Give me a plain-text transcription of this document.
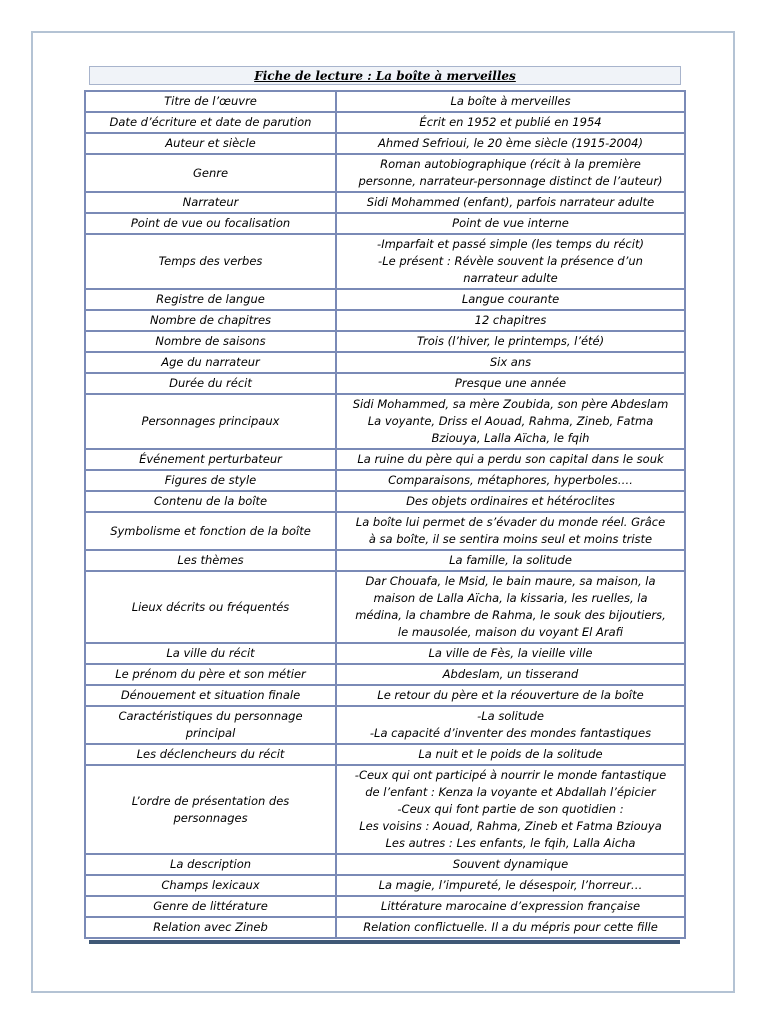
Fiche de lecture : La boîte à merveilles
Titre de l’œuvre	La boîte à merveilles
Date d’écriture et date de parution	Écrit en 1952 et publié en 1954
Auteur et siècle	Ahmed Sefrioui, le 20 ème siècle (1915-2004)
Genre	Roman autobiographique (récit à la première
personne, narrateur-personnage distinct de l’auteur)
Narrateur	Sidi Mohammed (enfant), parfois narrateur adulte
Point de vue ou focalisation	Point de vue interne
Temps des verbes	-Imparfait et passé simple (les temps du récit)
-Le présent : Révèle souvent la présence d’un
narrateur adulte
Registre de langue	Langue courante
Nombre de chapitres	12 chapitres
Nombre de saisons	Trois (l’hiver, le printemps, l’été)
Age du narrateur	Six ans
Durée du récit	Presque une année
Personnages principaux	Sidi Mohammed, sa mère Zoubida, son père Abdeslam
La voyante, Driss el Aouad, Rahma, Zineb, Fatma
Bziouya, Lalla Aïcha, le fqih
Événement perturbateur	La ruine du père qui a perdu son capital dans le souk
Figures de style	Comparaisons, métaphores, hyperboles….
Contenu de la boîte	Des objets ordinaires et hétéroclites
Symbolisme et fonction de la boîte	La boîte lui permet de s’évader du monde réel. Grâce
à sa boîte, il se sentira moins seul et moins triste
Les thèmes	La famille, la solitude
Lieux décrits ou fréquentés	Dar Chouafa, le Msid, le bain maure, sa maison, la
maison de Lalla Aïcha, la kissaria, les ruelles, la
médina, la chambre de Rahma, le souk des bijoutiers,
le mausolée, maison du voyant El Arafi
La ville du récit	La ville de Fès, la vieille ville
Le prénom du père et son métier	Abdeslam, un tisserand
Dénouement et situation finale	Le retour du père et la réouverture de la boîte
Caractéristiques du personnage
principal	-La solitude
-La capacité d’inventer des mondes fantastiques
Les déclencheurs du récit	La nuit et le poids de la solitude
L’ordre de présentation des
personnages	-Ceux qui ont participé à nourrir le monde fantastique
de l’enfant : Kenza la voyante et Abdallah l’épicier
-Ceux qui font partie de son quotidien :
Les voisins : Aouad, Rahma, Zineb et Fatma Bziouya
Les autres : Les enfants, le fqih, Lalla Aicha
La description	Souvent dynamique
Champs lexicaux	La magie, l’impureté, le désespoir, l’horreur…
Genre de littérature	Littérature marocaine d’expression française
Relation avec Zineb	Relation conflictuelle. Il a du mépris pour cette fille
